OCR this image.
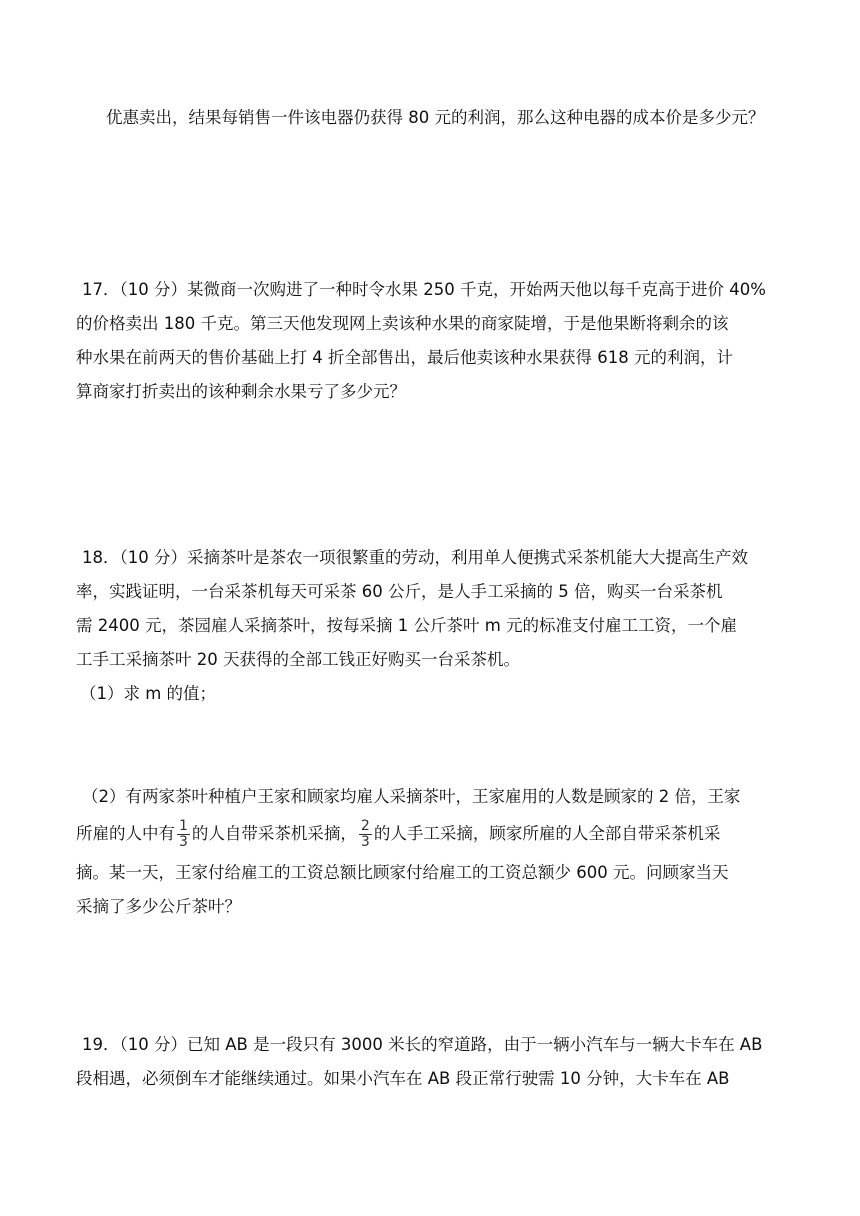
优惠卖出，结果每销售一件该电器仍获得 80 元的利润，那么这种电器的成本价是多少元？
17．（10 分）某微商一次购进了一种时令水果 250 千克，开始两天他以每千克高于进价 40%
的价格卖出 180 千克。第三天他发现网上卖该种水果的商家陡增，于是他果断将剩余的该
种水果在前两天的售价基础上打 4 折全部售出，最后他卖该种水果获得 618 元的利润，计
算商家打折卖出的该种剩余水果亏了多少元？
18．（10 分）采摘茶叶是茶农一项很繁重的劳动，利用单人便携式采茶机能大大提高生产效
率，实践证明，一台采茶机每天可采茶 60 公斤，是人手工采摘的 5 倍，购买一台采茶机
需 2400 元，茶园雇人采摘茶叶，按每采摘 1 公斤茶叶 m 元的标准支付雇工工资，一个雇
工手工采摘茶叶 20 天获得的全部工钱正好购买一台采茶机。
（1）求 m 的值；
（2）有两家茶叶种植户王家和顾家均雇人采摘茶叶，王家雇用的人数是顾家的 2 倍，王家
所雇的人中有 $\frac{1}{3}$ 的人自带采茶机采摘， $\frac{2}{3}$ 的人手工采摘，顾家所雇的人全部自带采茶机采
摘。某一天，王家付给雇工的工资总额比顾家付给雇工的工资总额少 600 元。问顾家当天
采摘了多少公斤茶叶？
19．（10 分）已知 AB 是一段只有 3000 米长的窄道路，由于一辆小汽车与一辆大卡车在 AB
段相遇，必须倒车才能继续通过。如果小汽车在 AB 段正常行驶需 10 分钟，大卡车在 AB
